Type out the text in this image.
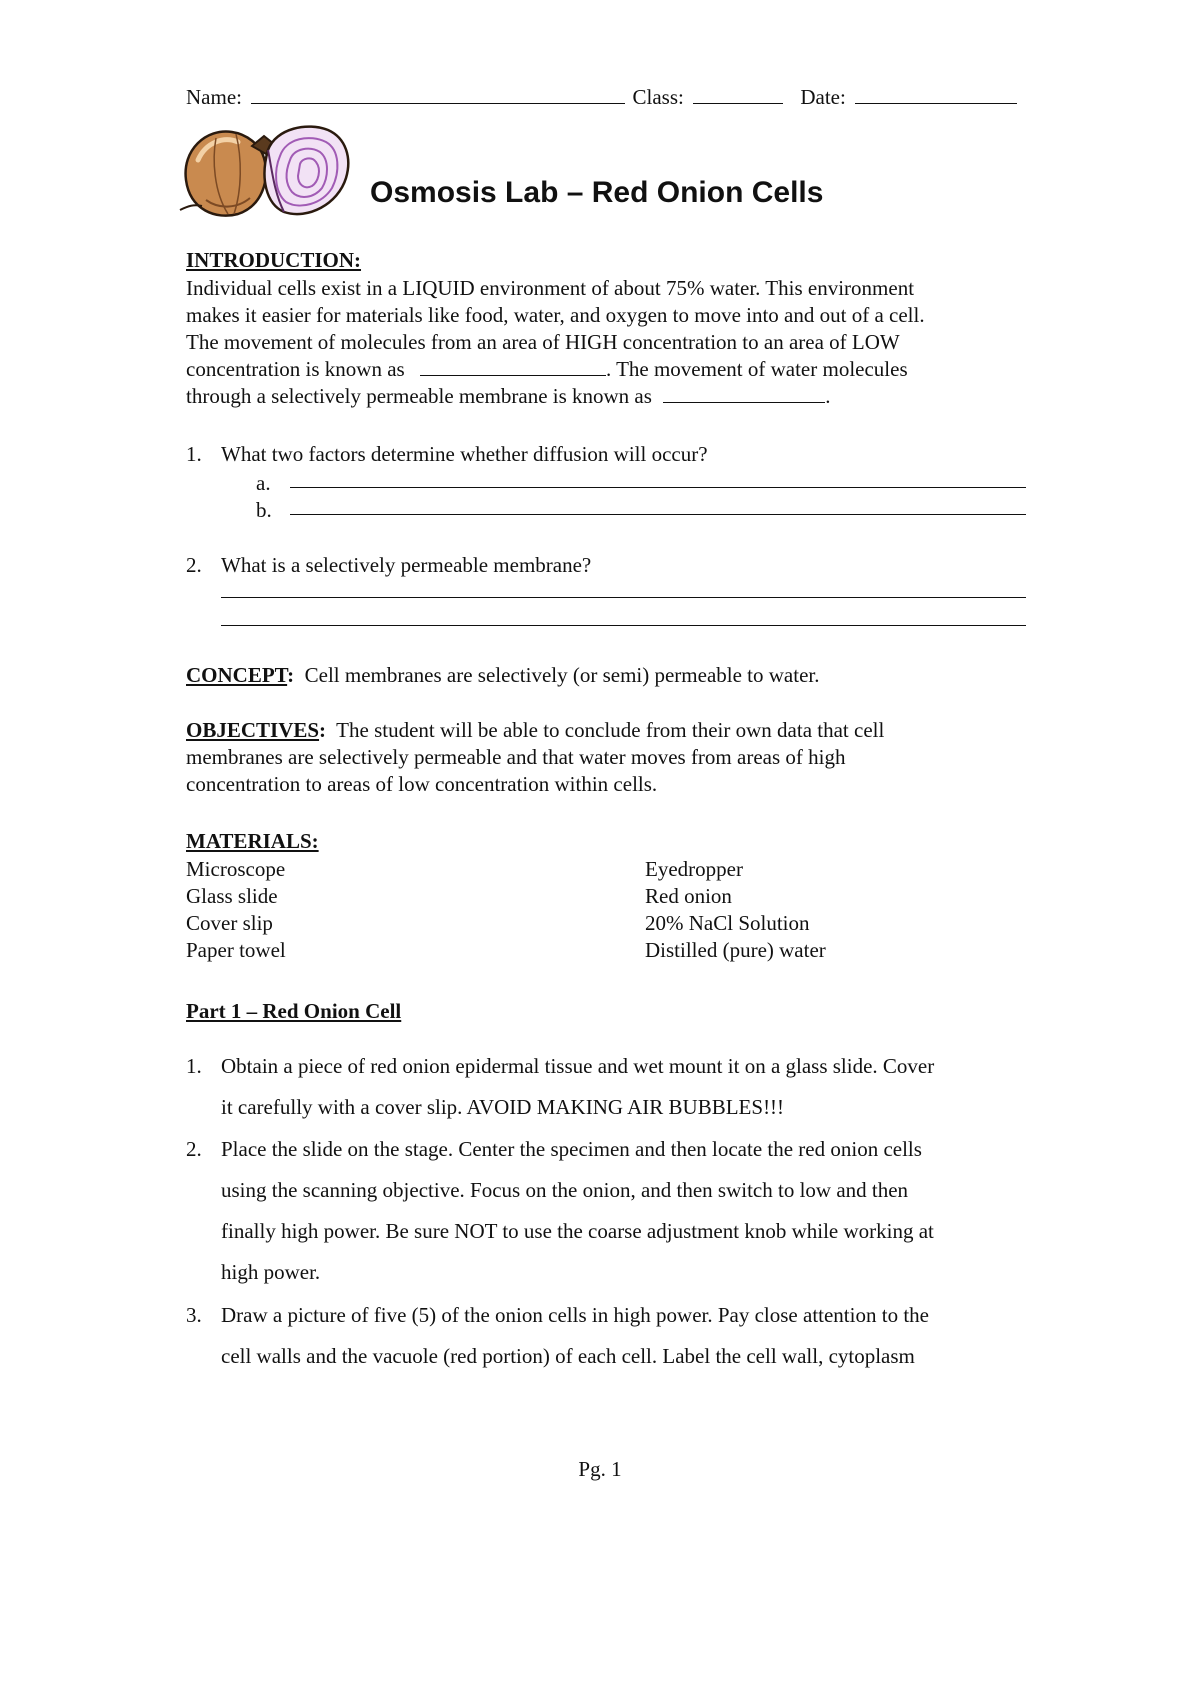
Name:	Class:	Date:
Osmosis Lab – Red Onion Cells
INTRODUCTION:
Individual cells exist in a LIQUID environment of about 75% water. This environment
makes it easier for materials like food, water, and oxygen to move into and out of a cell.
The movement of molecules from an area of HIGH concentration to an area of LOW
concentration is known as	. The movement of water molecules
through a selectively permeable membrane is known as	.
1. What two factors determine whether diffusion will occur?
a.
b.
2. What is a selectively permeable membrane?
CONCEPT:  Cell membranes are selectively (or semi) permeable to water.
OBJECTIVES:  The student will be able to conclude from their own data that cell
membranes are selectively permeable and that water moves from areas of high
concentration to areas of low concentration within cells.
MATERIALS:
Microscope
Glass slide
Cover slip
Paper towel
Eyedropper
Red onion
20% NaCl Solution
Distilled (pure) water
Part 1 – Red Onion Cell
1. Obtain a piece of red onion epidermal tissue and wet mount it on a glass slide. Cover
it carefully with a cover slip. AVOID MAKING AIR BUBBLES!!!
2. Place the slide on the stage. Center the specimen and then locate the red onion cells
using the scanning objective. Focus on the onion, and then switch to low and then
finally high power. Be sure NOT to use the coarse adjustment knob while working at
high power.
3. Draw a picture of five (5) of the onion cells in high power. Pay close attention to the
cell walls and the vacuole (red portion) of each cell. Label the cell wall, cytoplasm
Pg. 1
